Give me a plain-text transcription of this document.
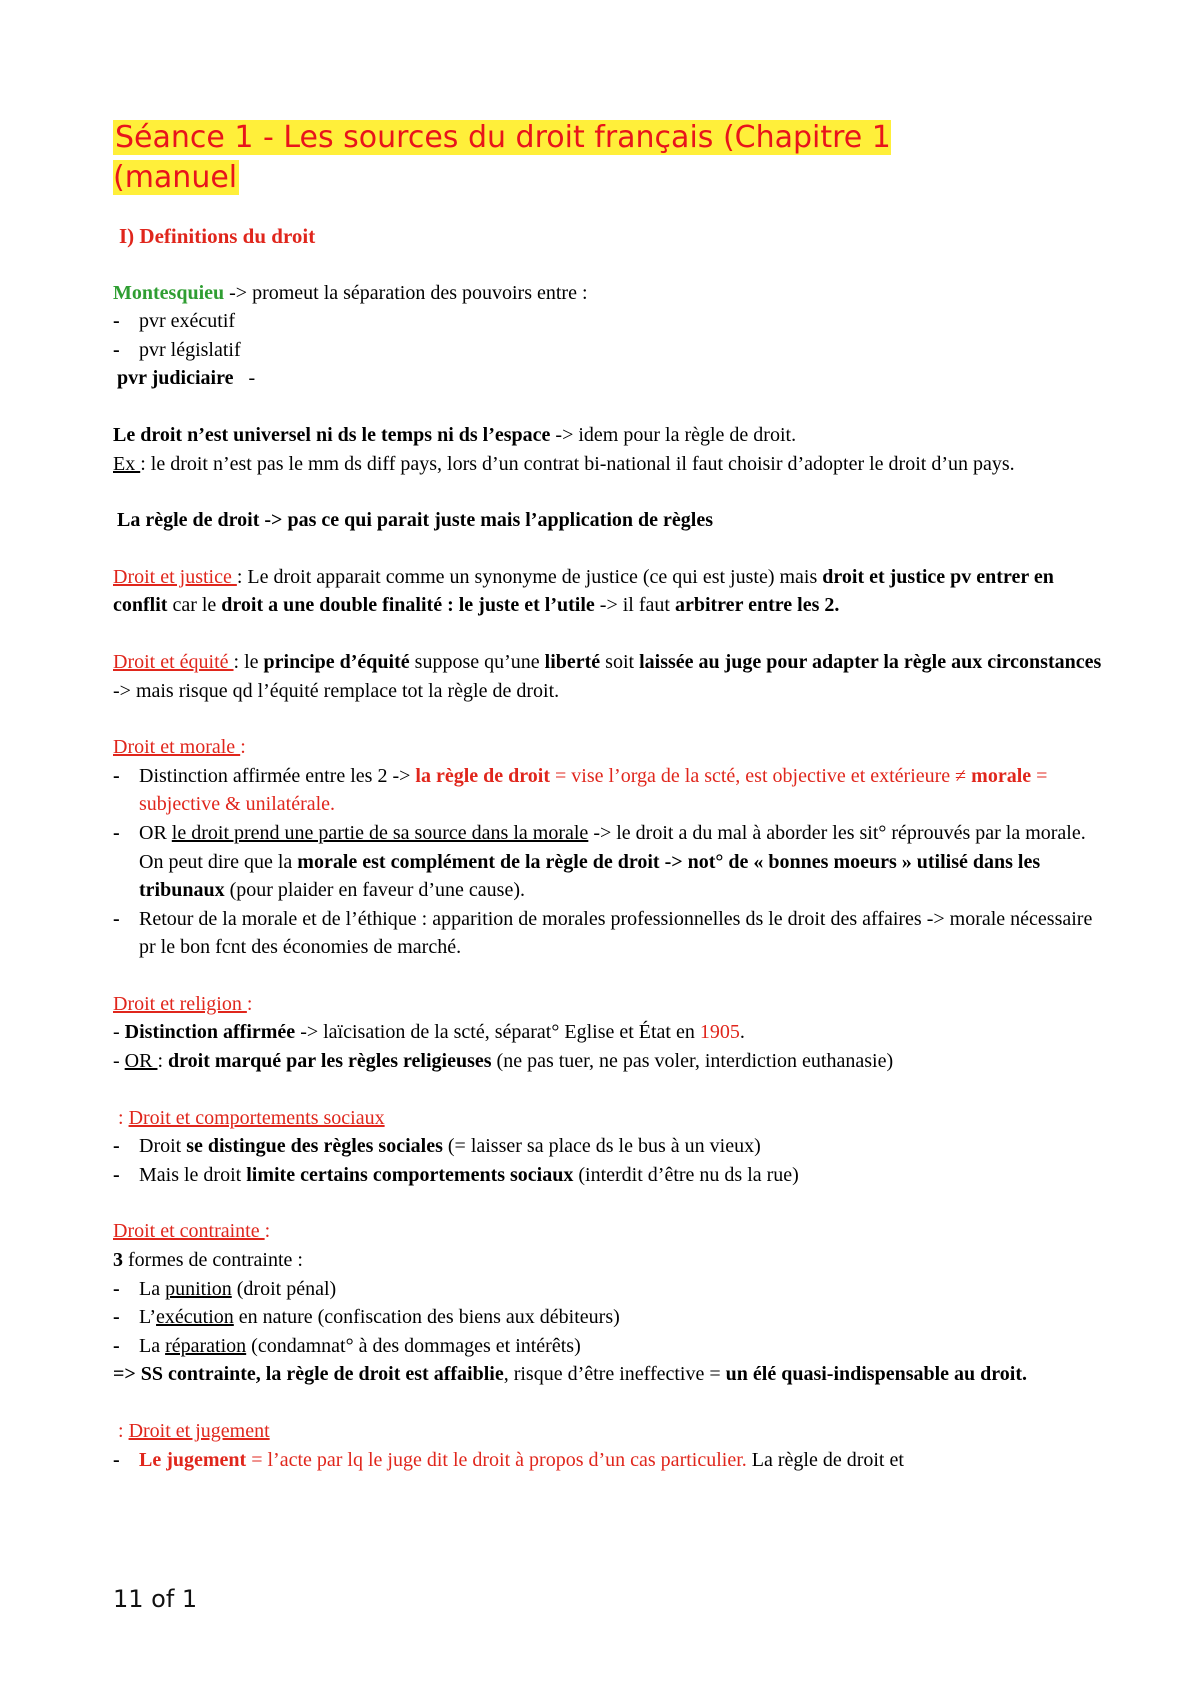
Séance 1 - Les sources du droit français (Chapitre 1 (manuel
I) Definitions du droit
Montesquieu -> promeut la séparation des pouvoirs entre :
- pvr exécutif
- pvr législatif
pvr judiciaire   -
Le droit n’est universel ni ds le temps ni ds l’espace -> idem pour la règle de droit.
Ex : le droit n’est pas le mm ds diff pays, lors d’un contrat bi-national il faut choisir d’adopter le droit d’un pays.
La règle de droit -> pas ce qui parait juste mais l’application de règles
Droit et justice : Le droit apparait comme un synonyme de justice (ce qui est juste) mais droit et justice pv entrer en conflit car le droit a une double finalité : le juste et l’utile -> il faut arbitrer entre les 2.
Droit et équité : le principe d’équité suppose qu’une liberté soit laissée au juge pour adapter la règle aux circonstances -> mais risque qd l’équité remplace tot la règle de droit.
Droit et morale :
- Distinction affirmée entre les 2 -> la règle de droit = vise l’orga de la scté, est objective et extérieure ≠ morale = subjective & unilatérale.
- OR le droit prend une partie de sa source dans la morale -> le droit a du mal à aborder les sit° réprouvés par la morale. On peut dire que la morale est complément de la règle de droit -> not° de « bonnes moeurs » utilisé dans les tribunaux (pour plaider en faveur d’une cause).
- Retour de la morale et de l’éthique : apparition de morales professionnelles ds le droit des affaires -> morale nécessaire pr le bon fcnt des économies de marché.
Droit et religion :
- Distinction affirmée -> laïcisation de la scté, séparat° Eglise et État en 1905.
- OR : droit marqué par les règles religieuses (ne pas tuer, ne pas voler, interdiction euthanasie)
: Droit et comportements sociaux
- Droit se distingue des règles sociales (= laisser sa place ds le bus à un vieux)
- Mais le droit limite certains comportements sociaux (interdit d’être nu ds la rue)
Droit et contrainte :
3 formes de contrainte :
- La punition (droit pénal)
- L’exécution en nature (confiscation des biens aux débiteurs)
- La réparation (condamnat° à des dommages et intérêts)
=> SS contrainte, la règle de droit est affaiblie, risque d’être ineffective = un élé quasi-indispensable au droit.
: Droit et jugement
- Le jugement = l’acte par lq le juge dit le droit à propos d’un cas particulier. La règle de droit et
11 of 1
